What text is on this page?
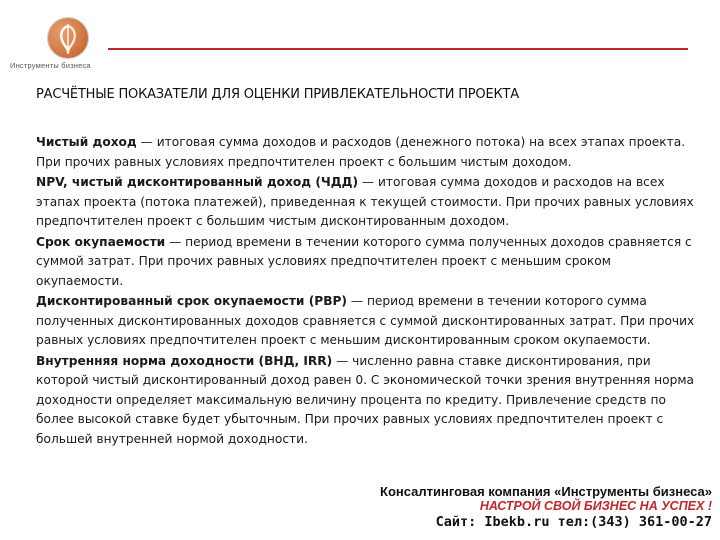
Инструменты бизнеса
РАСЧЁТНЫЕ ПОКАЗАТЕЛИ ДЛЯ ОЦЕНКИ ПРИВЛЕКАТЕЛЬНОСТИ ПРОЕКТА

Чистый доход — итоговая сумма доходов и расходов (денежного потока) на всех этапах проекта. При прочих равных условиях предпочтителен проект с большим чистым доходом.

NPV, чистый дисконтированный доход (ЧДД) — итоговая сумма доходов и расходов на всех этапах проекта (потока платежей), приведенная к текущей стоимости. При прочих равных условиях предпочтителен проект с большим чистым дисконтированным доходом.

Срок окупаемости — период времени в течении которого сумма полученных доходов сравняется с суммой затрат. При прочих равных условиях предпочтителен проект с меньшим сроком окупаемости.

Дисконтированный срок окупаемости (PBP) — период времени в течении которого сумма полученных дисконтированных доходов сравняется с суммой дисконтированных затрат. При прочих равных условиях предпочтителен проект с меньшим дисконтированным сроком окупаемости.

Внутренняя норма доходности (ВНД, IRR) — численно равна ставке дисконтирования, при которой чистый дисконтированный доход равен 0. С экономической точки зрения внутренняя норма доходности определяет максимальную величину процента по кредиту. Привлечение средств по более высокой ставке будет убыточным. При прочих равных условиях предпочтителен проект с большей внутренней нормой доходности.

Консалтинговая компания «Инструменты бизнеса»
НАСТРОЙ СВОЙ БИЗНЕС НА УСПЕХ !
Сайт: Ibekb.ru тел:(343) 361-00-27
